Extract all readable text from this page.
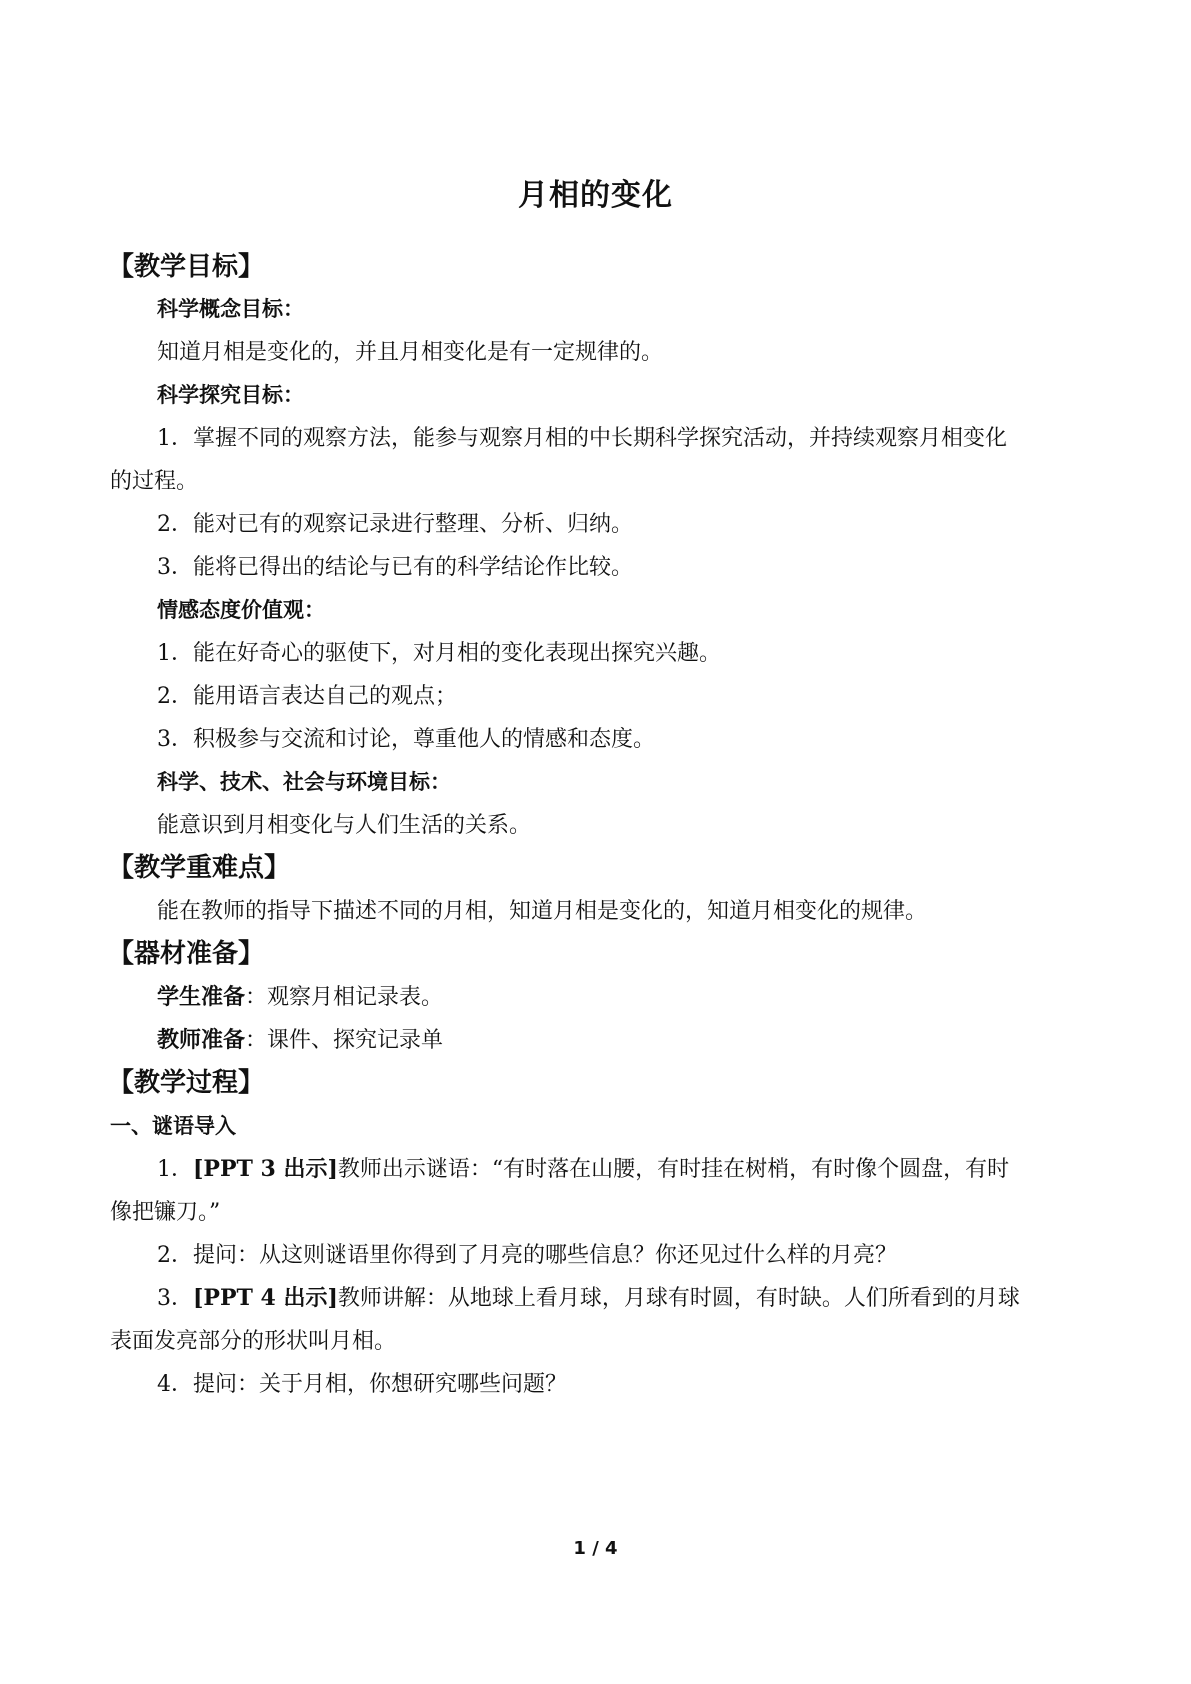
月相的变化
【教学目标】
科学概念目标：
知道月相是变化的，并且月相变化是有一定规律的。
科学探究目标：
1．掌握不同的观察方法，能参与观察月相的中长期科学探究活动，并持续观察月相变化
的过程。
2．能对已有的观察记录进行整理、分析、归纳。
3．能将已得出的结论与已有的科学结论作比较。
情感态度价值观：
1．能在好奇心的驱使下，对月相的变化表现出探究兴趣。
2．能用语言表达自己的观点；
3．积极参与交流和讨论，尊重他人的情感和态度。
科学、技术、社会与环境目标：
能意识到月相变化与人们生活的关系。
【教学重难点】
能在教师的指导下描述不同的月相，知道月相是变化的，知道月相变化的规律。
【器材准备】
学生准备：观察月相记录表。
教师准备：课件、探究记录单
【教学过程】
一、谜语导入
1．[PPT 3 出示]教师出示谜语：“有时落在山腰，有时挂在树梢，有时像个圆盘，有时
像把镰刀。”
2．提问：从这则谜语里你得到了月亮的哪些信息？你还见过什么样的月亮？
3．[PPT 4 出示]教师讲解：从地球上看月球，月球有时圆，有时缺。人们所看到的月球
表面发亮部分的形状叫月相。
4．提问：关于月相，你想研究哪些问题？
1 / 4
